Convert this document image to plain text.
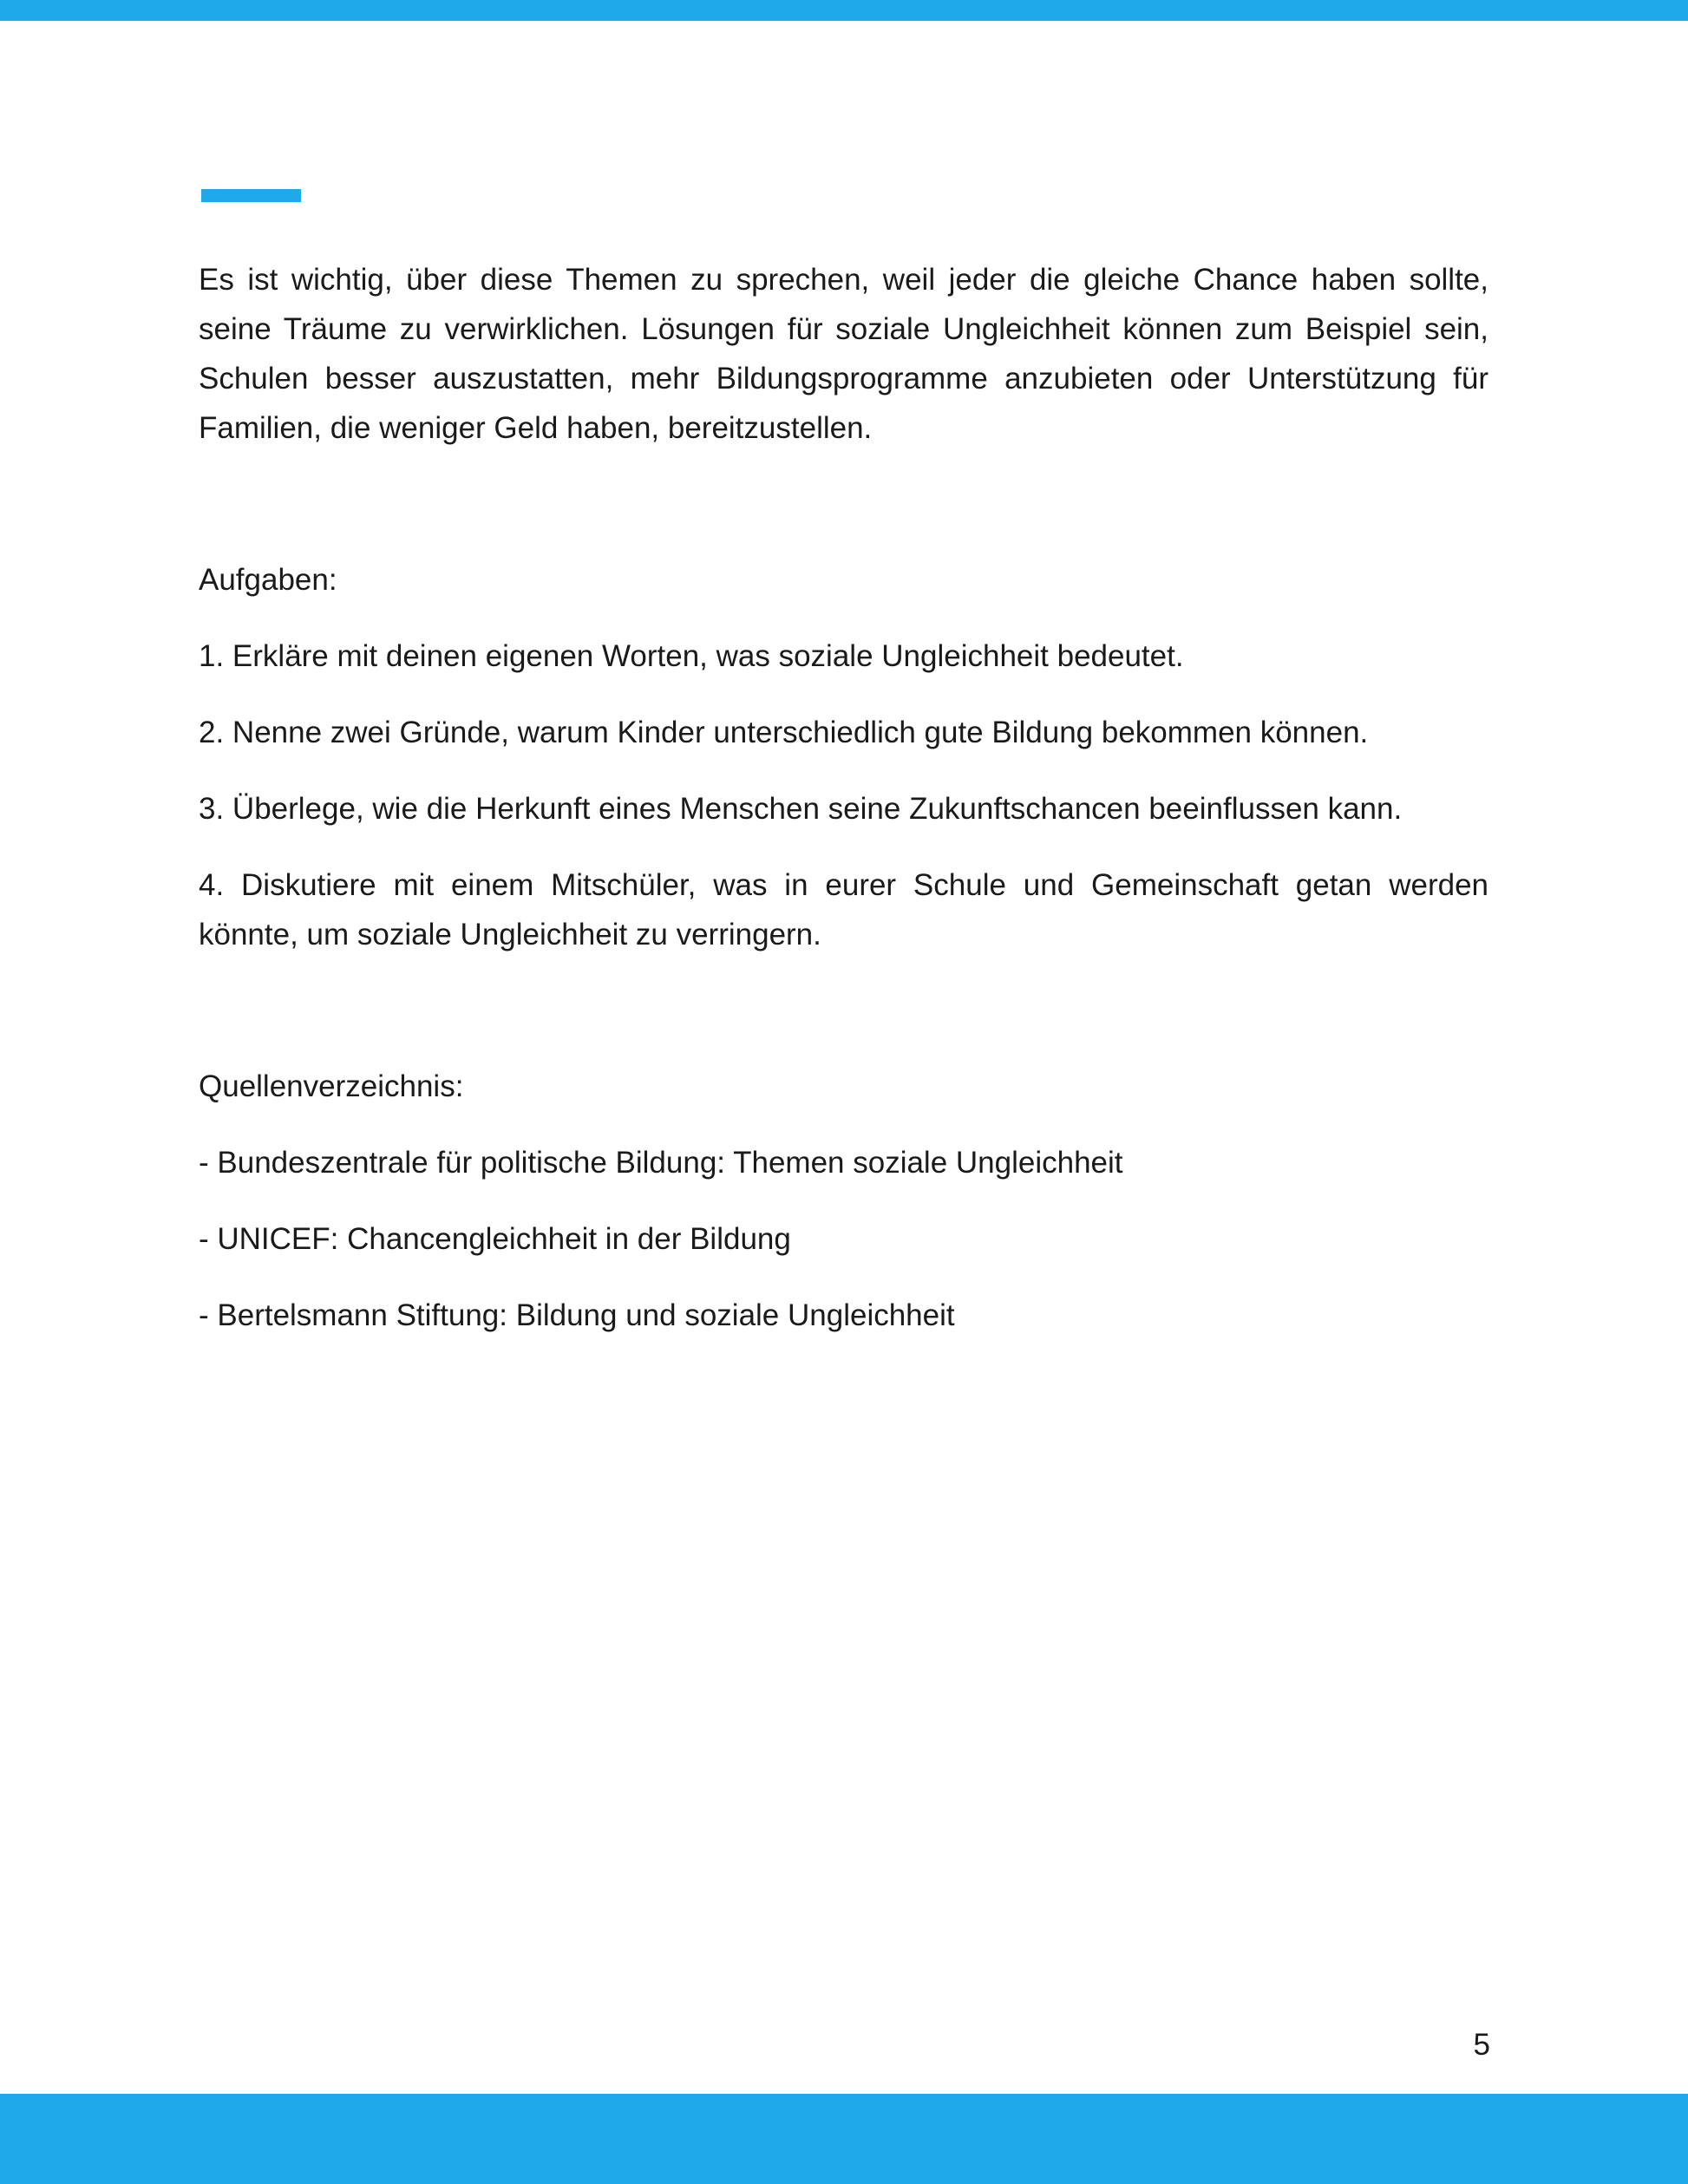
Es ist wichtig, über diese Themen zu sprechen, weil jeder die gleiche Chance haben sollte, seine Träume zu verwirklichen. Lösungen für soziale Ungleichheit können zum Beispiel sein, Schulen besser auszustatten, mehr Bildungsprogramme anzubieten oder Unterstützung für Familien, die weniger Geld haben, bereitzustellen.

Aufgaben:

1. Erkläre mit deinen eigenen Worten, was soziale Ungleichheit bedeutet.

2. Nenne zwei Gründe, warum Kinder unterschiedlich gute Bildung bekommen können.

3. Überlege, wie die Herkunft eines Menschen seine Zukunftschancen beeinflussen kann.

4. Diskutiere mit einem Mitschüler, was in eurer Schule und Gemeinschaft getan werden könnte, um soziale Ungleichheit zu verringern.

Quellenverzeichnis:

- Bundeszentrale für politische Bildung: Themen soziale Ungleichheit

- UNICEF: Chancengleichheit in der Bildung

- Bertelsmann Stiftung: Bildung und soziale Ungleichheit

5
